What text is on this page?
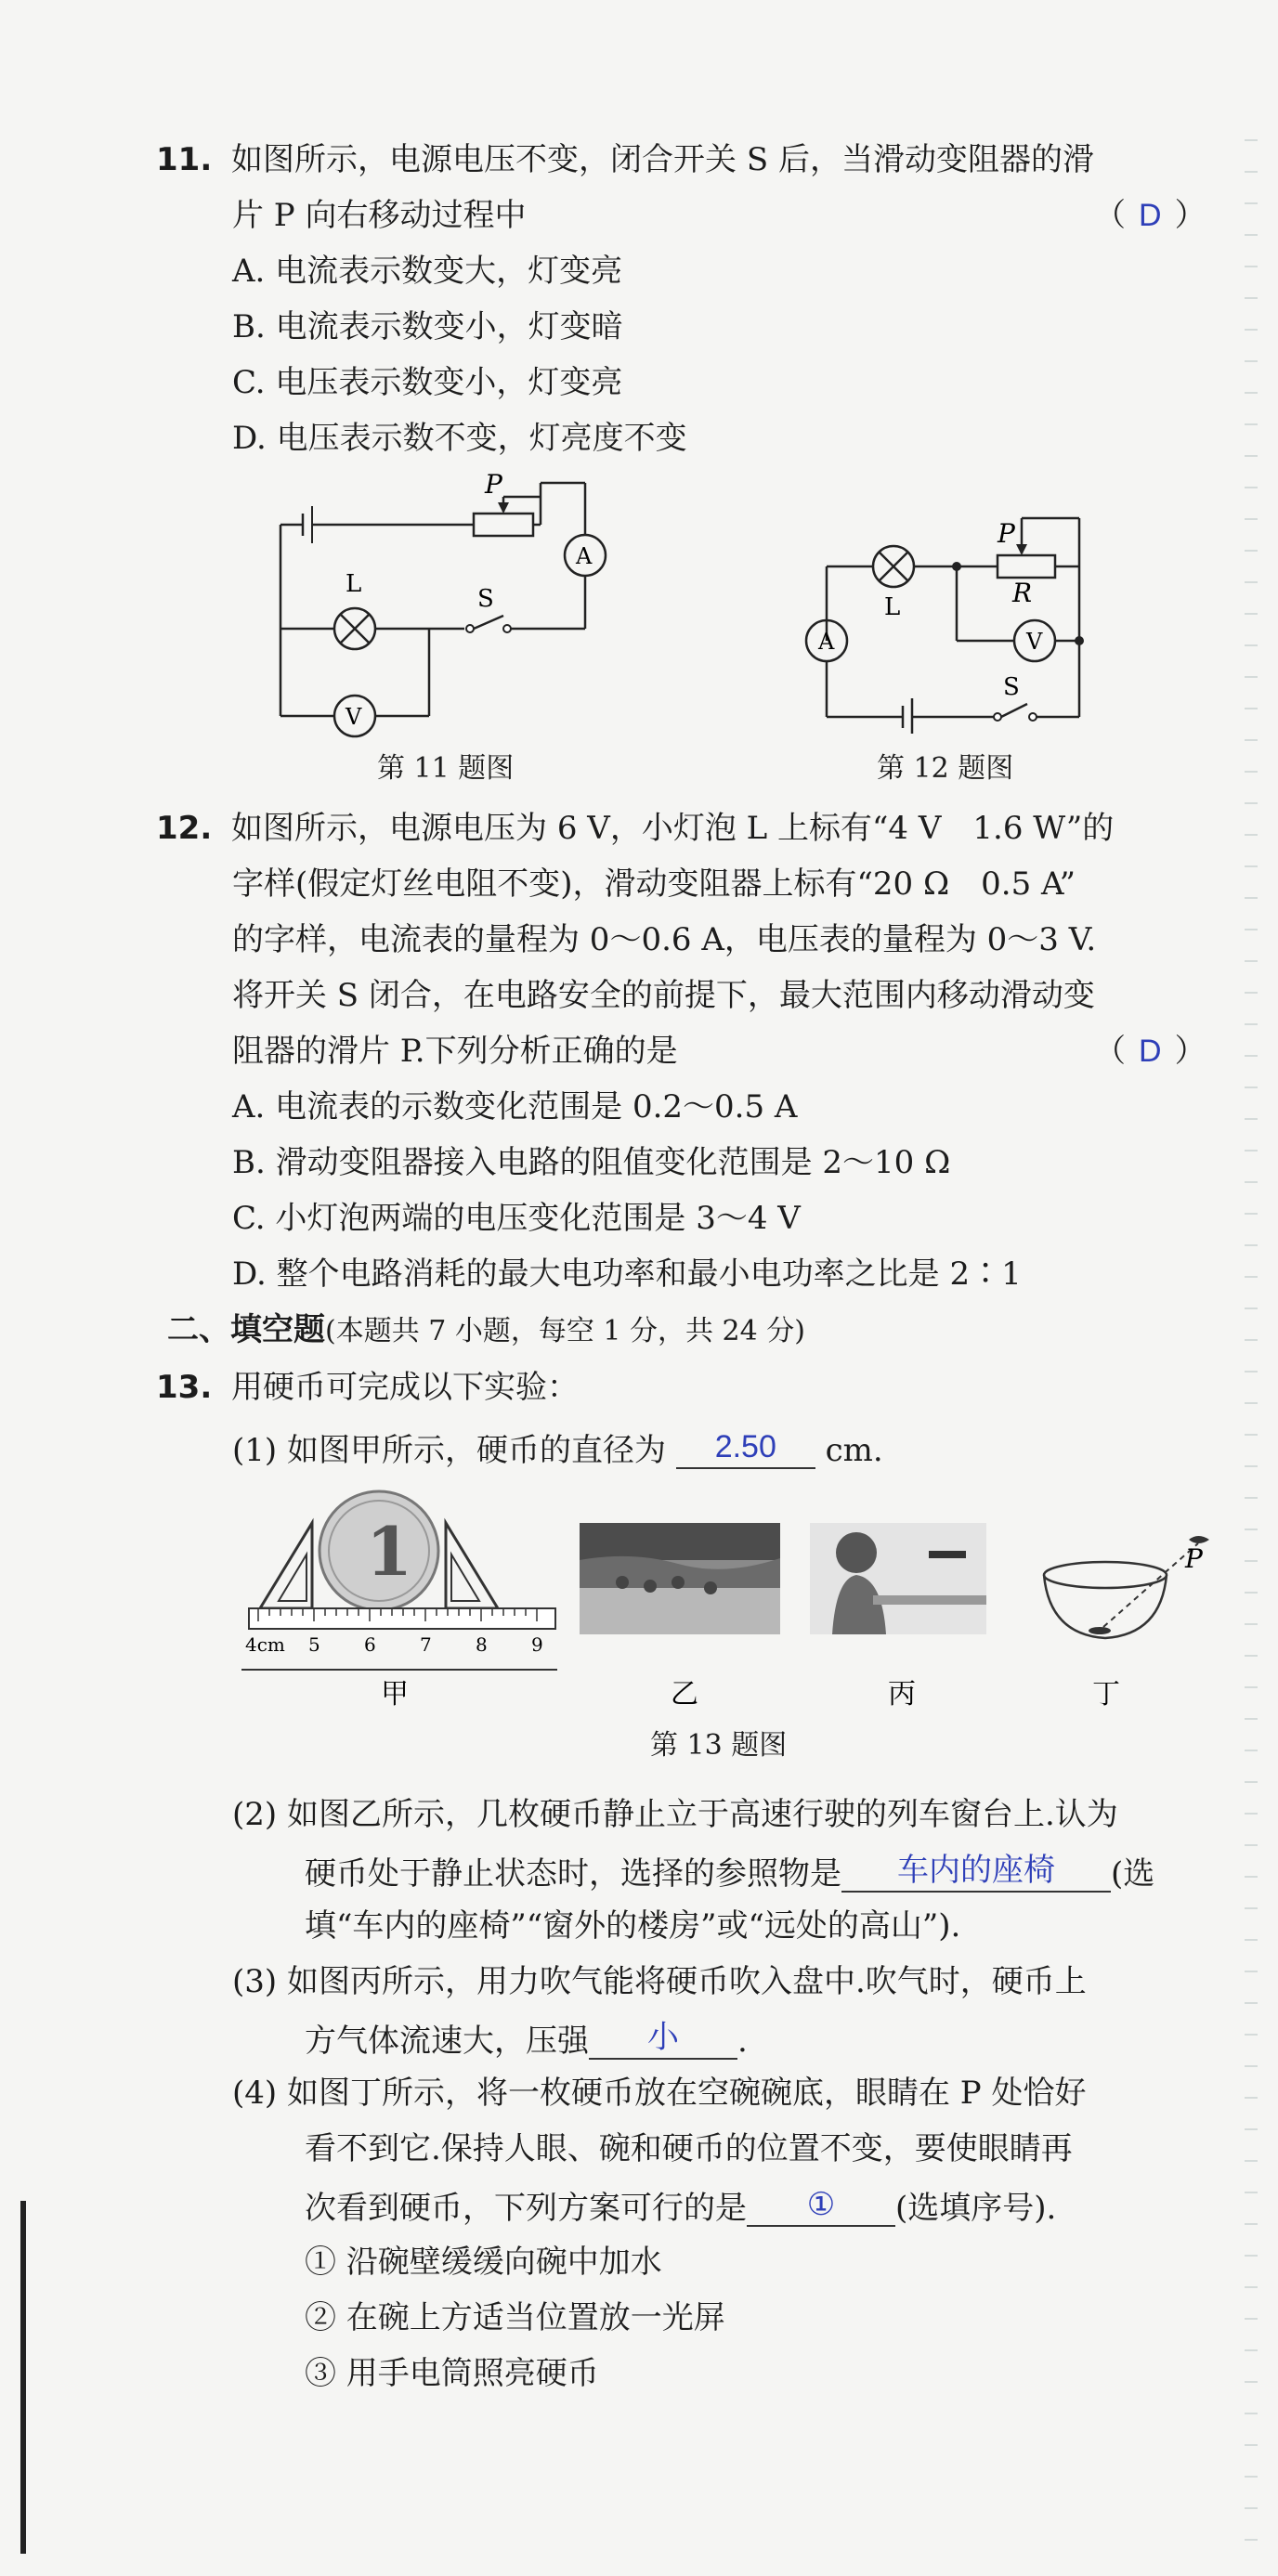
11. 如图所示，电源电压不变，闭合开关 S 后，当滑动变阻器的滑
片 P 向右移动过程中	（ D ）
A. 电流表示数变大，灯变亮
B. 电流表示数变小，灯变暗
C. 电压表示数变小，灯变亮
D. 电压表示数不变，灯亮度不变
P
L
S
A
V
第 11 题图
P
R
L
S
A	V
第 12 题图
12. 如图所示，电源电压为 6 V，小灯泡 L 上标有“4 V　1.6 W”的
字样(假定灯丝电阻不变)，滑动变阻器上标有“20 Ω　0.5 A”
的字样，电流表的量程为 0～0.6 A，电压表的量程为 0～3 V.
将开关 S 闭合，在电路安全的前提下，最大范围内移动滑动变
阻器的滑片 P.下列分析正确的是	（ D ）
A. 电流表的示数变化范围是 0.2～0.5 A
B. 滑动变阻器接入电路的阻值变化范围是 2～10 Ω
C. 小灯泡两端的电压变化范围是 3～4 V
D. 整个电路消耗的最大电功率和最小电功率之比是 2∶1
二、填空题(本题共 7 小题，每空 1 分，共 24 分)
13. 用硬币可完成以下实验：
(1) 如图甲所示，硬币的直径为 2.50 cm.
1
4cm 5 6 7 8 9
P
甲	乙	丙	丁
第 13 题图
(2) 如图乙所示，几枚硬币静止立于高速行驶的列车窗台上.认为
硬币处于静止状态时，选择的参照物是 车内的座椅 (选
填“车内的座椅”“窗外的楼房”或“远处的高山”).
(3) 如图丙所示，用力吹气能将硬币吹入盘中.吹气时，硬币上
方气体流速大，压强 小 .
(4) 如图丁所示，将一枚硬币放在空碗碗底，眼睛在 P 处恰好
看不到它.保持人眼、碗和硬币的位置不变，要使眼睛再
次看到硬币，下列方案可行的是 ① (选填序号).
① 沿碗壁缓缓向碗中加水
② 在碗上方适当位置放一光屏
③ 用手电筒照亮硬币
